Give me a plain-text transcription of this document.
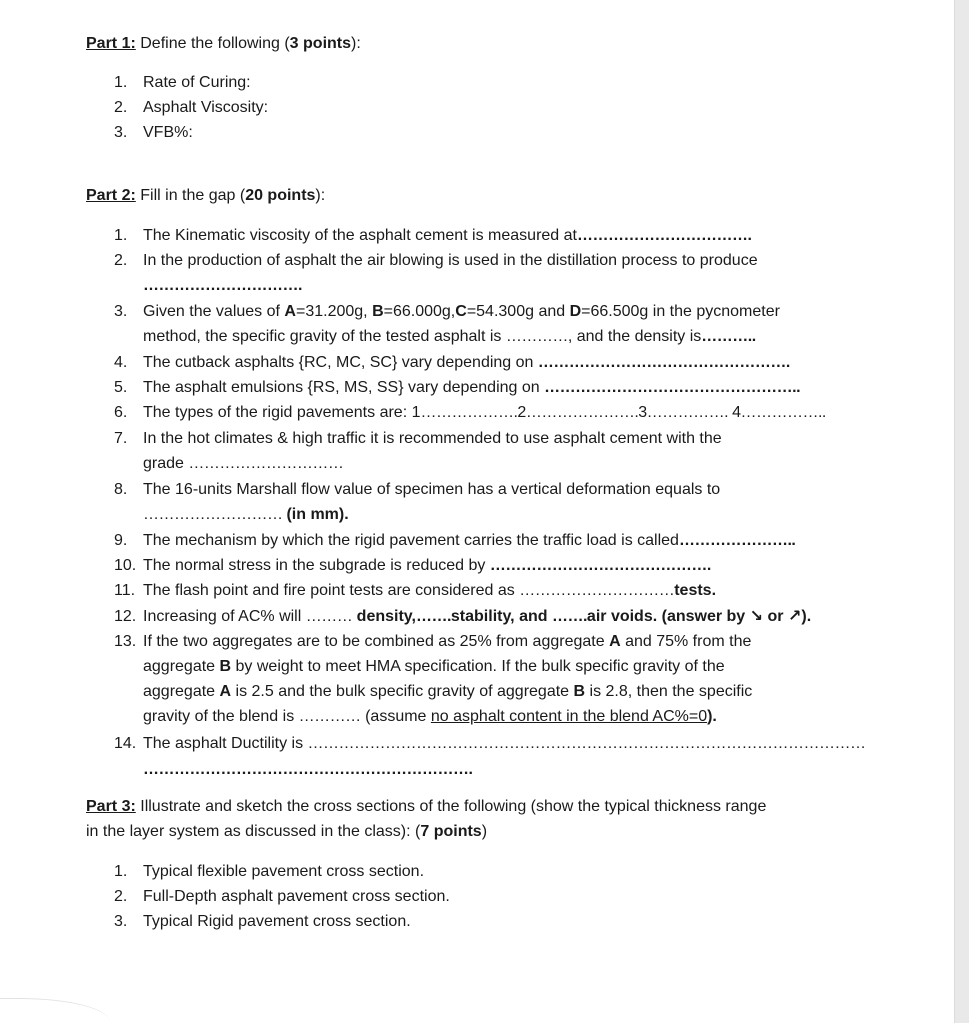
Part 1: Define the following (3 points):
1. Rate of Curing:
2. Asphalt Viscosity:
3. VFB%:
Part 2: Fill in the gap (20 points):
1. The Kinematic viscosity of the asphalt cement is measured at…………………………….
2. In the production of asphalt the air blowing is used in the distillation process to produce
………………………….
3. Given the values of A=31.200g, B=66.000g,C=54.300g and D=66.500g in the pycnometer
method, the specific gravity of the tested asphalt is …………, and the density is………..
4. The cutback asphalts {RC, MC, SC} vary depending on ………………………………………….
5. The asphalt emulsions {RS, MS, SS} vary depending on …………………………………………..
6. The types of the rigid pavements are: 1……………….2………………….3……………. 4……………..
7. In the hot climates & high traffic it is recommended to use asphalt cement with the
grade …………………………
8. The 16-units Marshall flow value of specimen has a vertical deformation equals to
……………………… (in mm).
9. The mechanism by which the rigid pavement carries the traffic load is called…………………..
10. The normal stress in the subgrade is reduced by …………………………………….
11. The flash point and fire point tests are considered as …………………………tests.
12. Increasing of AC% will ……… density,…….stability, and …….air voids. (answer by ↘ or ↗).
13. If the two aggregates are to be combined as 25% from aggregate A and 75% from the
aggregate B by weight to meet HMA specification. If the bulk specific gravity of the
aggregate A is 2.5 and the bulk specific gravity of aggregate B is 2.8, then the specific
gravity of the blend is ………… (assume no asphalt content in the blend AC%=0).
14. The asphalt Ductility is ………………………………………………………………………………………………
……………………………………………………….
Part 3: Illustrate and sketch the cross sections of the following (show the typical thickness range
in the layer system as discussed in the class): (7 points)
1. Typical flexible pavement cross section.
2. Full-Depth asphalt pavement cross section.
3. Typical Rigid pavement cross section.
